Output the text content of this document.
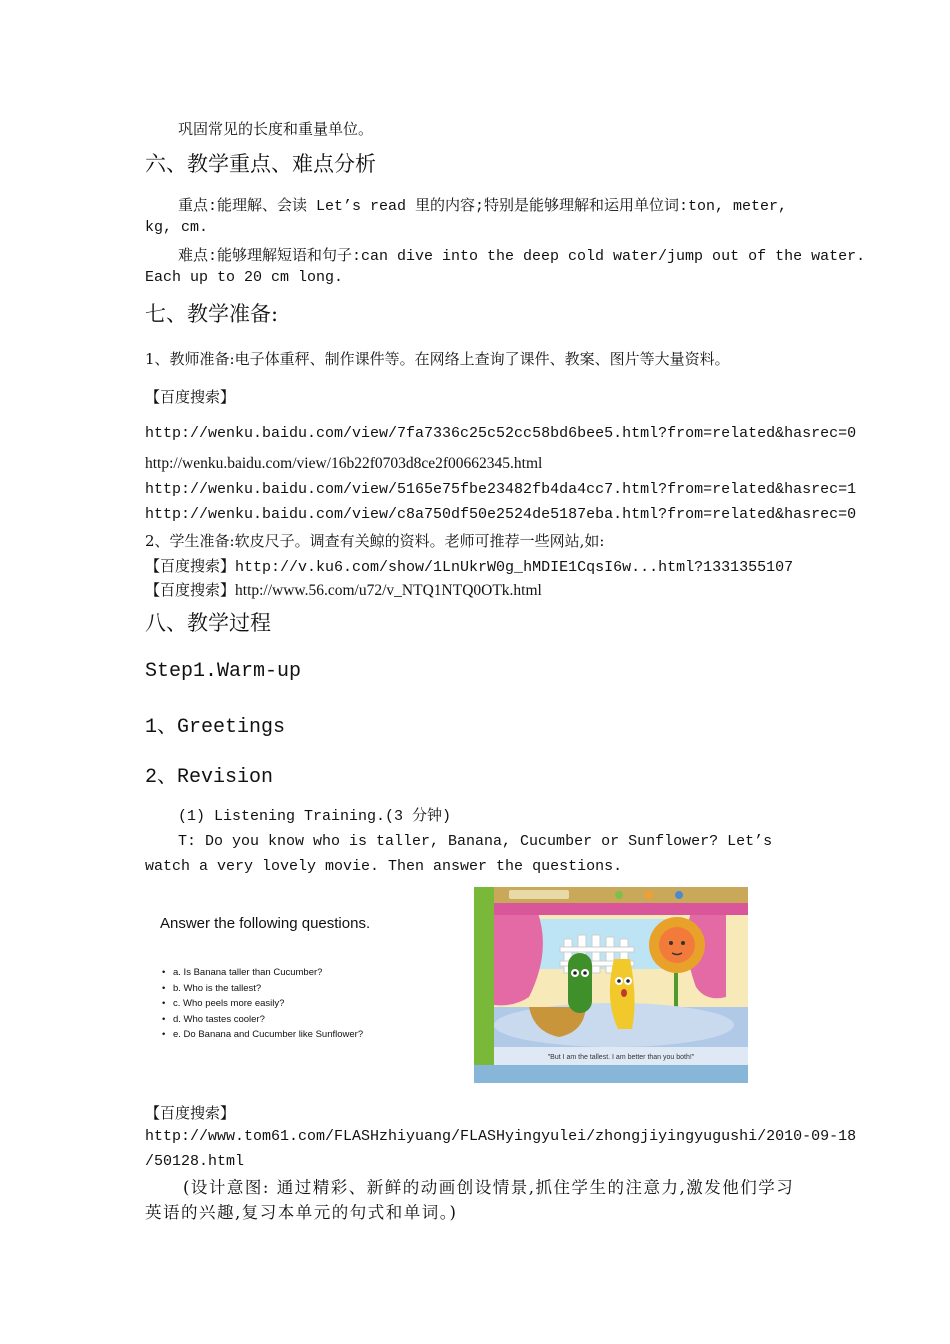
巩固常见的长度和重量单位。
六、教学重点、难点分析
重点:能理解、会读 Let’s read 里的内容;特别是能够理解和运用单位词:ton, meter,
kg, cm.
难点:能够理解短语和句子:can dive into the deep cold water/jump out of the water.
Each up to 20 cm long.
七、教学准备:
1、教师准备:电子体重秤、制作课件等。在网络上查询了课件、教案、图片等大量资料。
【百度搜索】
http://wenku.baidu.com/view/7fa7336c25c52cc58bd6bee5.html?from=related&hasrec=0
http://wenku.baidu.com/view/16b22f0703d8ce2f00662345.html
http://wenku.baidu.com/view/5165e75fbe23482fb4da4cc7.html?from=related&hasrec=1
http://wenku.baidu.com/view/c8a750df50e2524de5187eba.html?from=related&hasrec=0
2、学生准备:软皮尺子。调查有关鲸的资料。老师可推荐一些网站,如:
【百度搜索】http://v.ku6.com/show/1LnUkrW0g_hMDIE1CqsI6w...html?1331355107
【百度搜索】http://www.56.com/u72/v_NTQ1NTQ0OTk.html
八、教学过程
Step1.Warm-up
1、Greetings
2、Revision
(1) Listening Training.(3 分钟)
T: Do you know who is taller, Banana, Cucumber or Sunflower? Let’s watch a very lovely movie. Then answer the questions.
Answer the following questions.
• a. Is Banana taller than Cucumber?
• b. Who is the tallest?
• c. Who peels more easily?
• d. Who tastes cooler?
• e. Do Banana and Cucumber like Sunflower?
"But I am the tallest. I am better than you both!"
【百度搜索】
http://www.tom61.com/FLASHzhiyuang/FLASHyingyulei/zhongjiyingyugushi/2010-09-18
/50128.html
(设计意图: 通过精彩、新鲜的动画创设情景,抓住学生的注意力,激发他们学习英语的兴趣,复习本单元的句式和单词。)
